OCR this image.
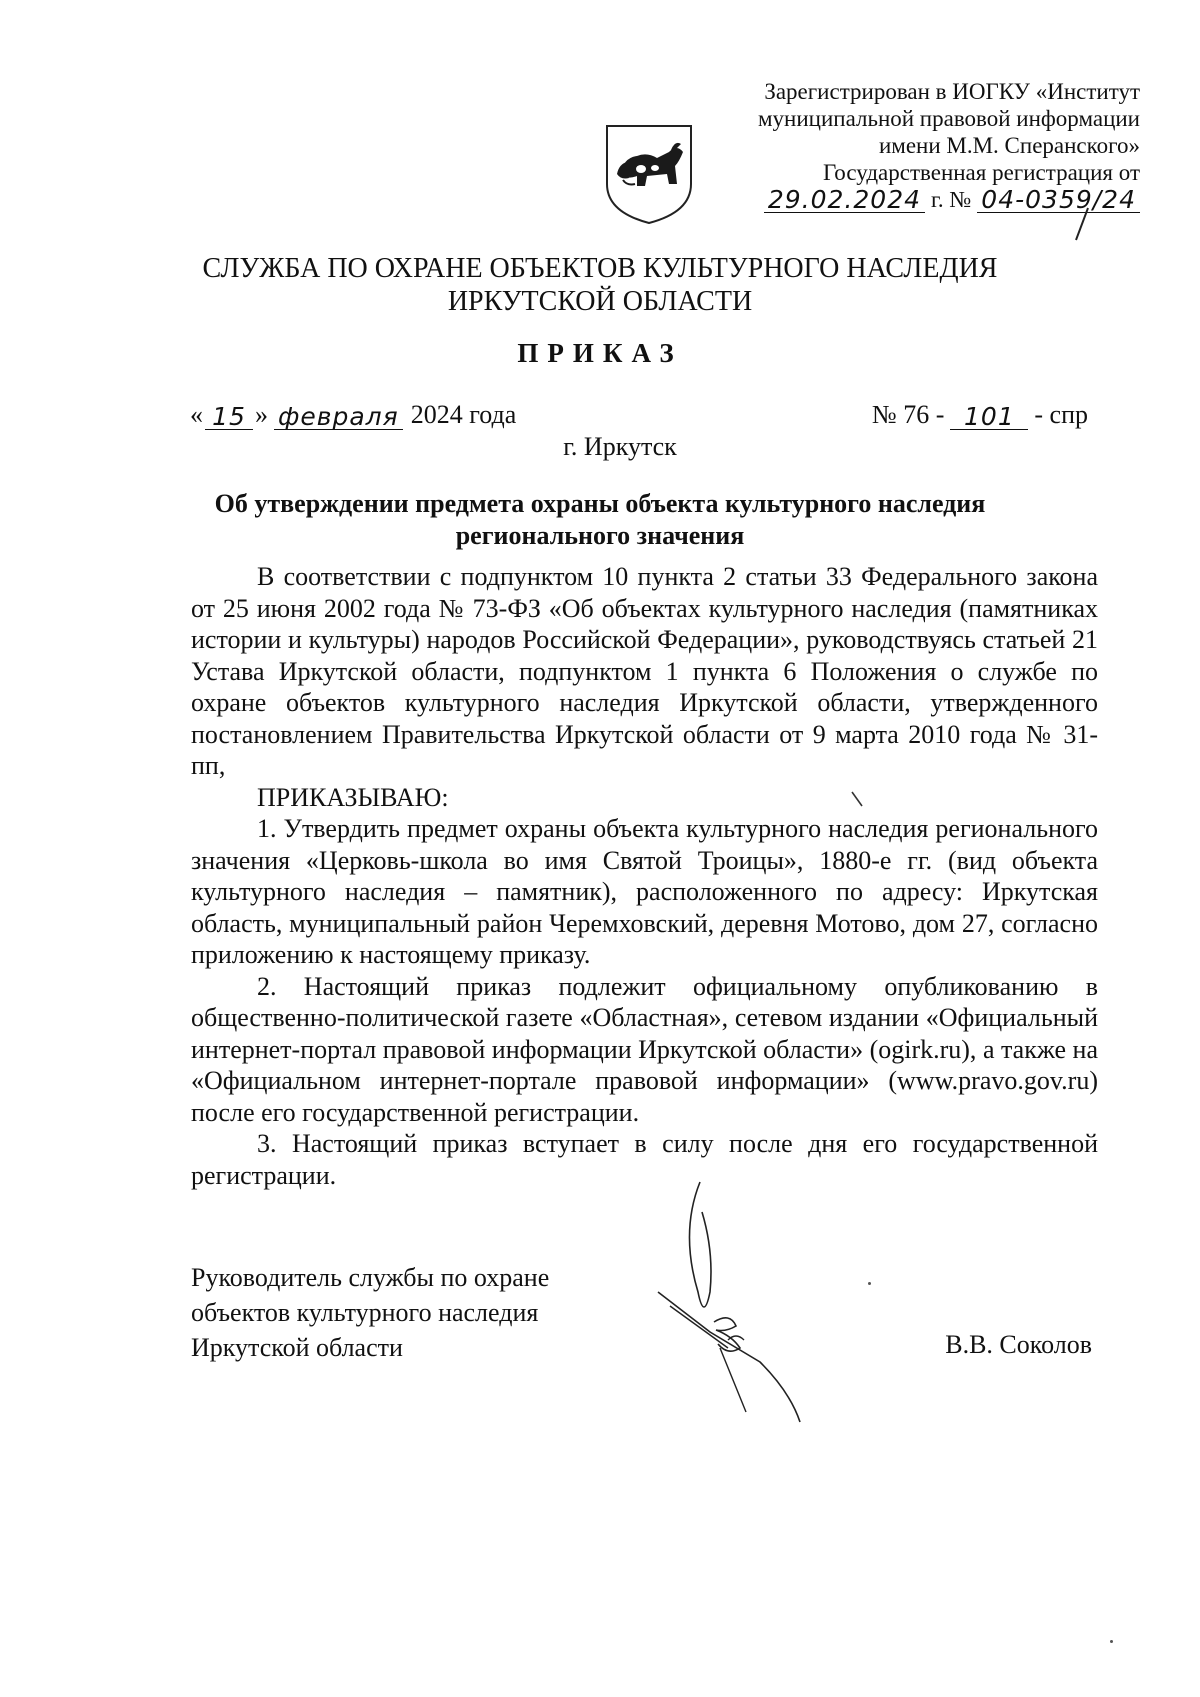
Зарегистрирован в ИОГКУ «Институт
муниципальной правовой информации
имени М.М. Сперанского»
Государственная регистрация от
29.02.2024 г. № 04-0359/24
СЛУЖБА ПО ОХРАНЕ ОБЪЕКТОВ КУЛЬТУРНОГО НАСЛЕДИЯ
ИРКУТСКОЙ ОБЛАСТИ
ПРИКАЗ
« 15 » февраля 2024 года	№ 76 - 101 - спр
г. Иркутск
Об утверждении предмета охраны объекта культурного наследия
регионального значения

В соответствии с подпунктом 10 пункта 2 статьи 33 Федерального закона от 25 июня 2002 года № 73-ФЗ «Об объектах культурного наследия (памятниках истории и культуры) народов Российской Федерации», руководствуясь статьей 21 Устава Иркутской области, подпунктом 1 пункта 6 Положения о службе по охране объектов культурного наследия Иркутской области, утвержденного постановлением Правительства Иркутской области от 9 марта 2010 года № 31-пп,

ПРИКАЗЫВАЮ:

1. Утвердить предмет охраны объекта культурного наследия регионального значения «Церковь-школа во имя Святой Троицы», 1880-е гг. (вид объекта культурного наследия – памятник), расположенного по адресу: Иркутская область, муниципальный район Черемховский, деревня Мотово, дом 27, согласно приложению к настоящему приказу.

2. Настоящий приказ подлежит официальному опубликованию в общественно-политической газете «Областная», сетевом издании «Официальный интернет-портал правовой информации Иркутской области» (ogirk.ru), а также на «Официальном интернет-портале правовой информации» (www.pravo.gov.ru) после его государственной регистрации.

3. Настоящий приказ вступает в силу после дня его государственной регистрации.

Руководитель службы по охране
объектов культурного наследия
Иркутской области	В.В. Соколов
